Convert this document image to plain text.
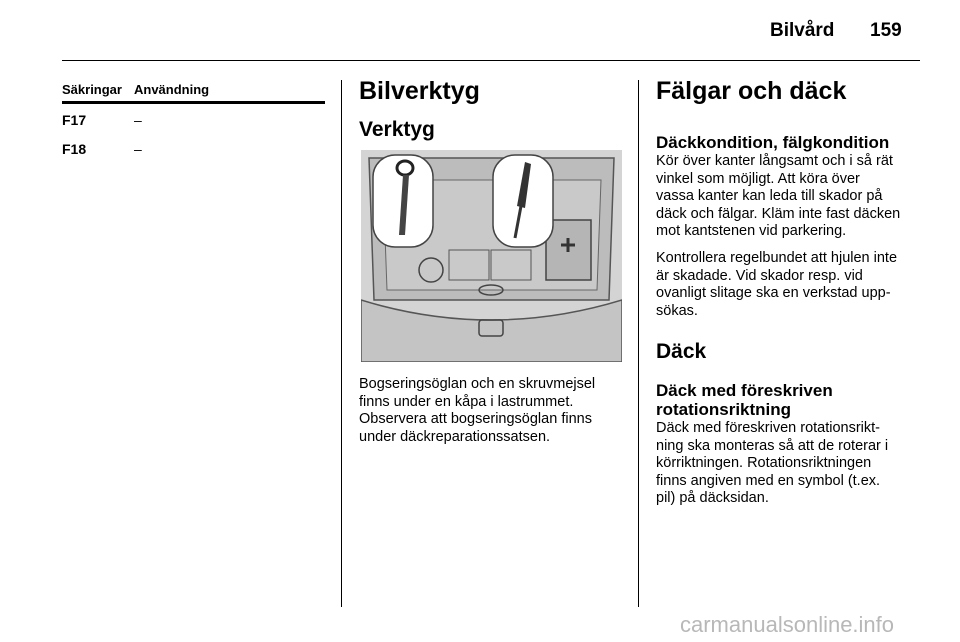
Bilvård 159
Säkringar Användning
F17	–
F18	–
Bilverktyg
Verktyg

Bogseringsöglan och en skruvmejsel

finns under en kåpa i lastrummet.

Observera att bogseringsöglan finns

under däckreparationssatsen.

Fälgar och däck
Däckkondition, fälgkondition

Kör över kanter långsamt och i så rät

vinkel som möjligt. Att köra över

vassa kanter kan leda till skador på

däck och fälgar. Kläm inte fast däcken

mot kantstenen vid parkering.

Kontrollera regelbundet att hjulen inte

är skadade. Vid skador resp. vid

ovanligt slitage ska en verkstad upp-

sökas.

Däck
Däck med föreskriven
rotationsriktning

Däck med föreskriven rotationsrikt-

ning ska monteras så att de roterar i

körriktningen. Rotationsriktningen

finns angiven med en symbol (t.ex.

pil) på däcksidan.

carmanualsonline.info
